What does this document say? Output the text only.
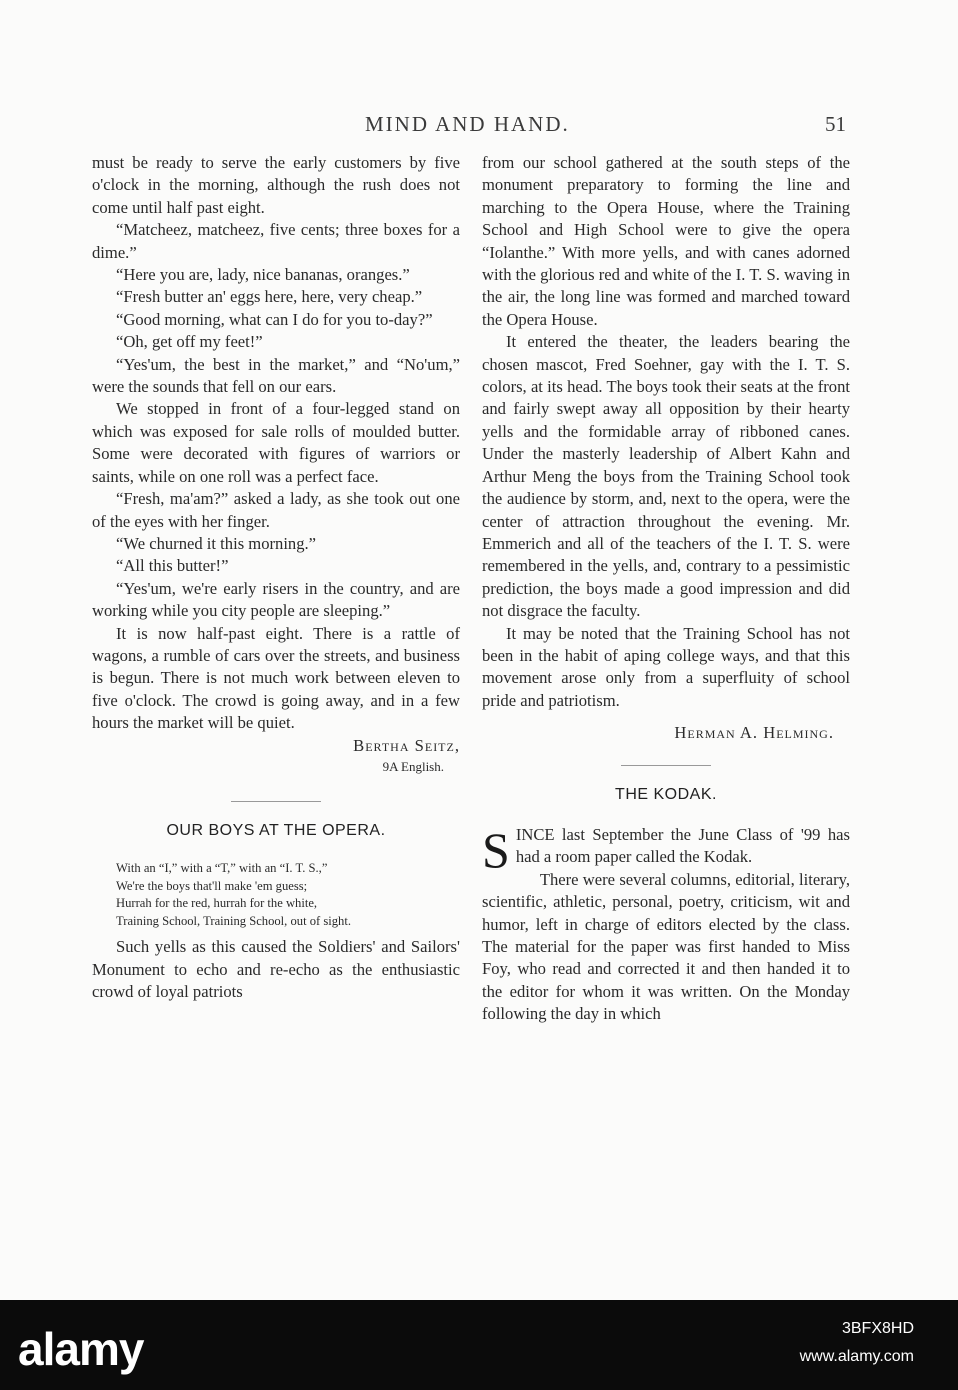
MIND AND HAND.	51

must be ready to serve the early customers by five o'clock in the morning, although the rush does not come until half past eight.

“Matcheez, matcheez, five cents; three boxes for a dime.”

“Here you are, lady, nice bananas, oranges.”

“Fresh butter an' eggs here, here, very cheap.”

“Good morning, what can I do for you to-day?”

“Oh, get off my feet!”

“Yes'um, the best in the market,” and “No'um,” were the sounds that fell on our ears.

We stopped in front of a four-legged stand on which was exposed for sale rolls of moulded butter. Some were decorated with figures of warriors or saints, while on one roll was a perfect face.

“Fresh, ma'am?” asked a lady, as she took out one of the eyes with her finger.

“We churned it this morning.”

“All this butter!”

“Yes'um, we're early risers in the country, and are working while you city people are sleeping.”

It is now half-past eight. There is a rattle of wagons, a rumble of cars over the streets, and business is begun. There is not much work between eleven to five o'clock. The crowd is going away, and in a few hours the market will be quiet.

Bertha Seitz,

9A English.

OUR BOYS AT THE OPERA.
With an “I,” with a “T,” with an “I. T. S.,”
We're the boys that'll make 'em guess;
Hurrah for the red, hurrah for the white,
Training School, Training School, out of sight.

Such yells as this caused the Soldiers' and Sailors' Monument to echo and re-echo as the enthusiastic crowd of loyal patriots

from our school gathered at the south steps of the monument preparatory to forming the line and marching to the Opera House, where the Training School and High School were to give the opera “Iolanthe.” With more yells, and with canes adorned with the glorious red and white of the I. T. S. waving in the air, the long line was formed and marched toward the Opera House.

It entered the theater, the leaders bearing the chosen mascot, Fred Soehner, gay with the I. T. S. colors, at its head. The boys took their seats at the front and fairly swept away all opposition by their hearty yells and the formidable array of ribboned canes. Under the masterly leadership of Albert Kahn and Arthur Meng the boys from the Training School took the audience by storm, and, next to the opera, were the center of attraction throughout the evening. Mr. Emmerich and all of the teachers of the I. T. S. were remembered in the yells, and, contrary to a pessimistic prediction, the boys made a good impression and did not disgrace the faculty.

It may be noted that the Training School has not been in the habit of aping college ways, and that this movement arose only from a superfluity of school pride and patriotism.

Herman A. Helming.

THE KODAK.

SINCE last September the June Class of '99 has had a room paper called the Kodak.

There were several columns, editorial, literary, scientific, athletic, personal, poetry, criticism, wit and humor, left in charge of editors elected by the class. The material for the paper was first handed to Miss Foy, who read and corrected it and then handed it to the editor for whom it was written. On the Monday following the day in which

alamy	3BFX8HD
www.alamy.com
